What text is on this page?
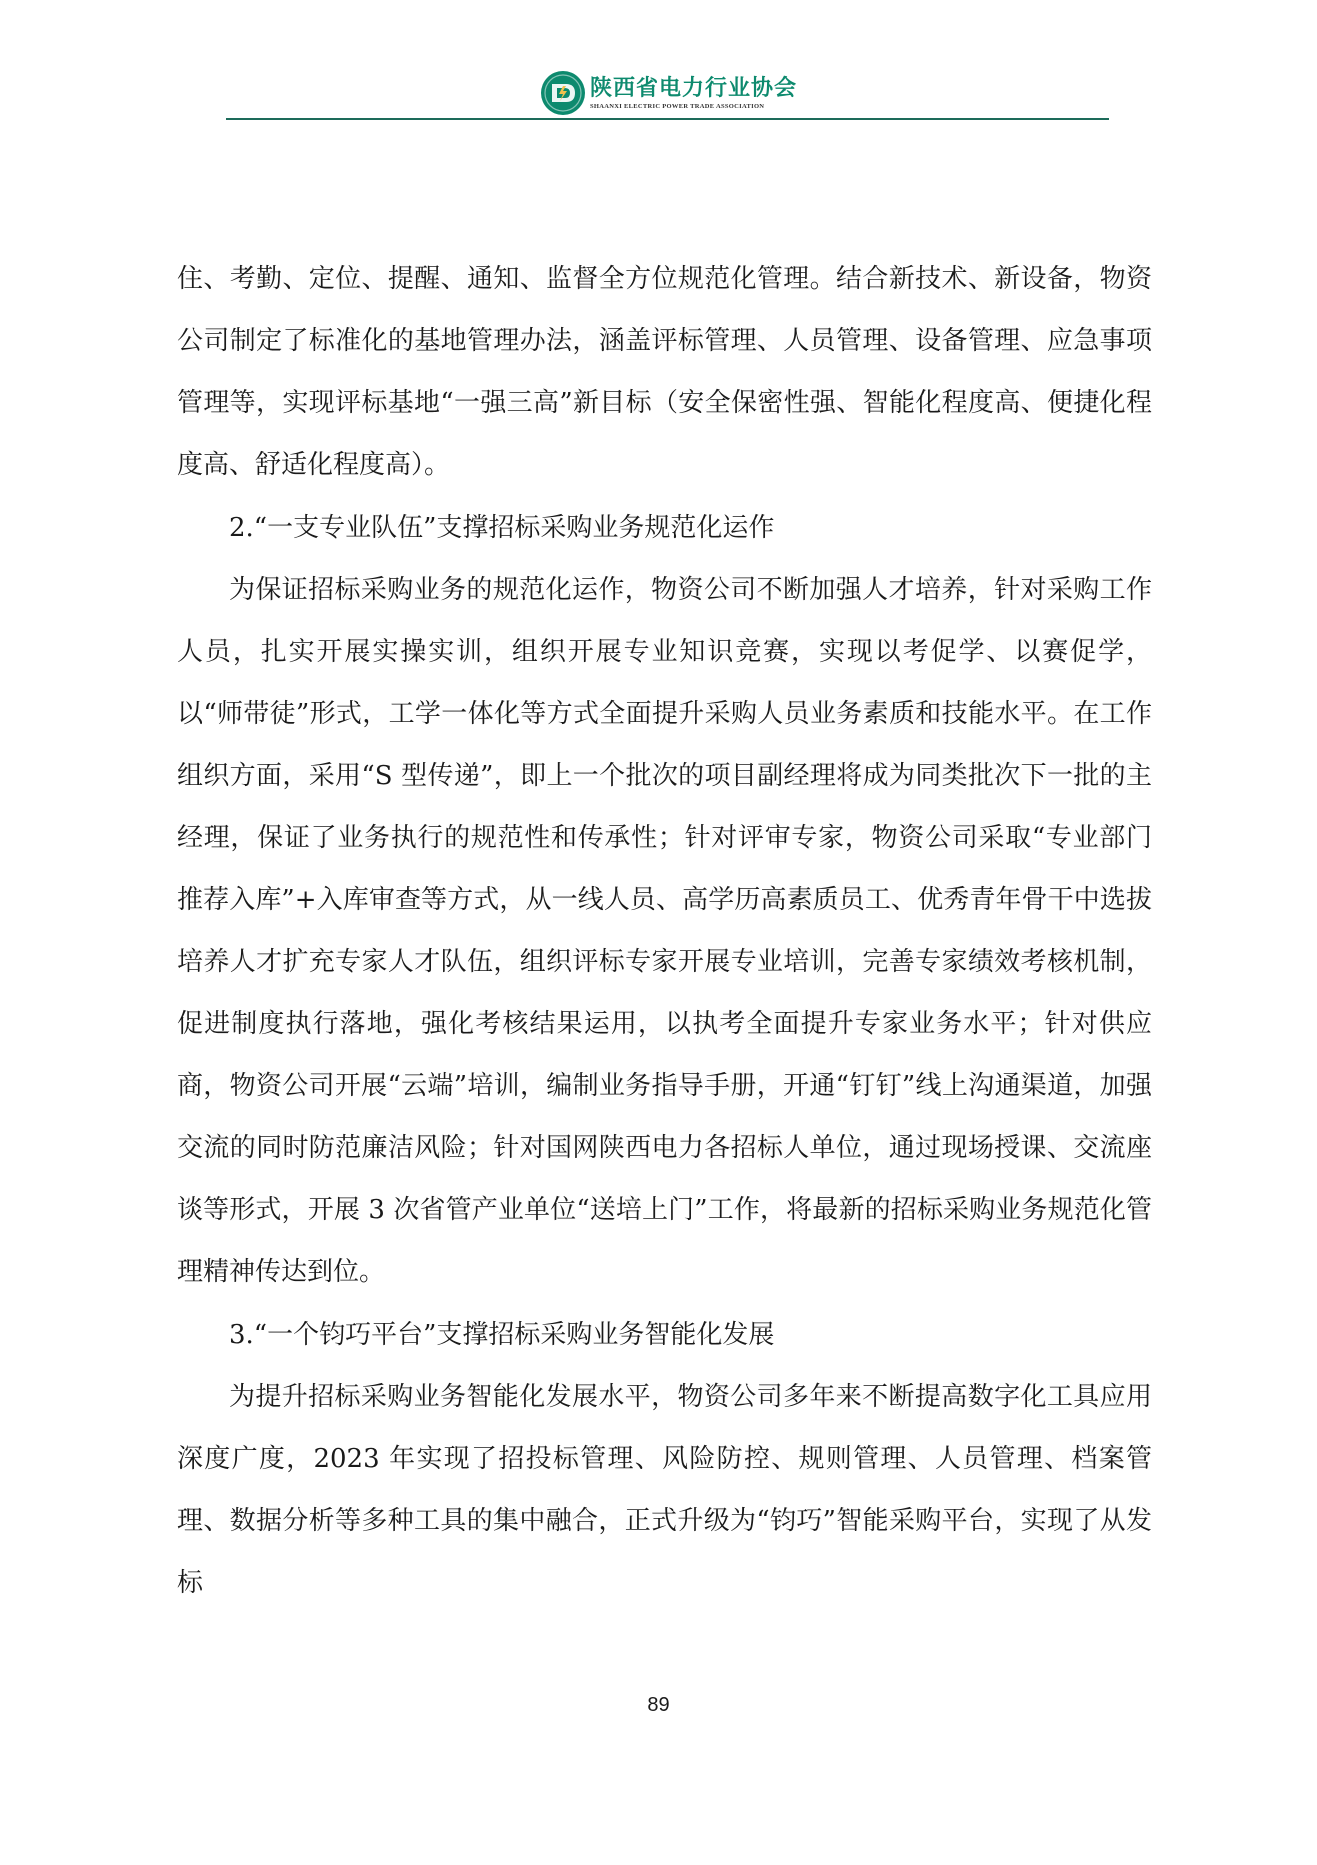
陕西省电力行业协会
SHAANXI ELECTRIC POWER TRADE ASSOCIATION

住、考勤、定位、提醒、通知、监督全方位规范化管理。结合新技术、新设备，物资公司制定了标准化的基地管理办法，涵盖评标管理、人员管理、设备管理、应急事项管理等，实现评标基地“一强三高”新目标（安全保密性强、智能化程度高、便捷化程度高、舒适化程度高）。

2.“一支专业队伍”支撑招标采购业务规范化运作

为保证招标采购业务的规范化运作，物资公司不断加强人才培养，针对采购工作人员，扎实开展实操实训，组织开展专业知识竞赛，实现以考促学、以赛促学，以“师带徒”形式，工学一体化等方式全面提升采购人员业务素质和技能水平。在工作组织方面，采用“S 型传递”，即上一个批次的项目副经理将成为同类批次下一批的主经理，保证了业务执行的规范性和传承性；针对评审专家，物资公司采取“专业部门推荐入库”+入库审查等方式，从一线人员、高学历高素质员工、优秀青年骨干中选拔培养人才扩充专家人才队伍，组织评标专家开展专业培训，完善专家绩效考核机制，促进制度执行落地，强化考核结果运用，以执考全面提升专家业务水平；针对供应商，物资公司开展“云端”培训，编制业务指导手册，开通“钉钉”线上沟通渠道，加强交流的同时防范廉洁风险；针对国网陕西电力各招标人单位，通过现场授课、交流座谈等形式，开展 3 次省管产业单位“送培上门”工作，将最新的招标采购业务规范化管理精神传达到位。

3.“一个钧巧平台”支撑招标采购业务智能化发展

为提升招标采购业务智能化发展水平，物资公司多年来不断提高数字化工具应用深度广度，2023 年实现了招投标管理、风险防控、规则管理、人员管理、档案管理、数据分析等多种工具的集中融合，正式升级为“钧巧”智能采购平台，实现了从发标

89
